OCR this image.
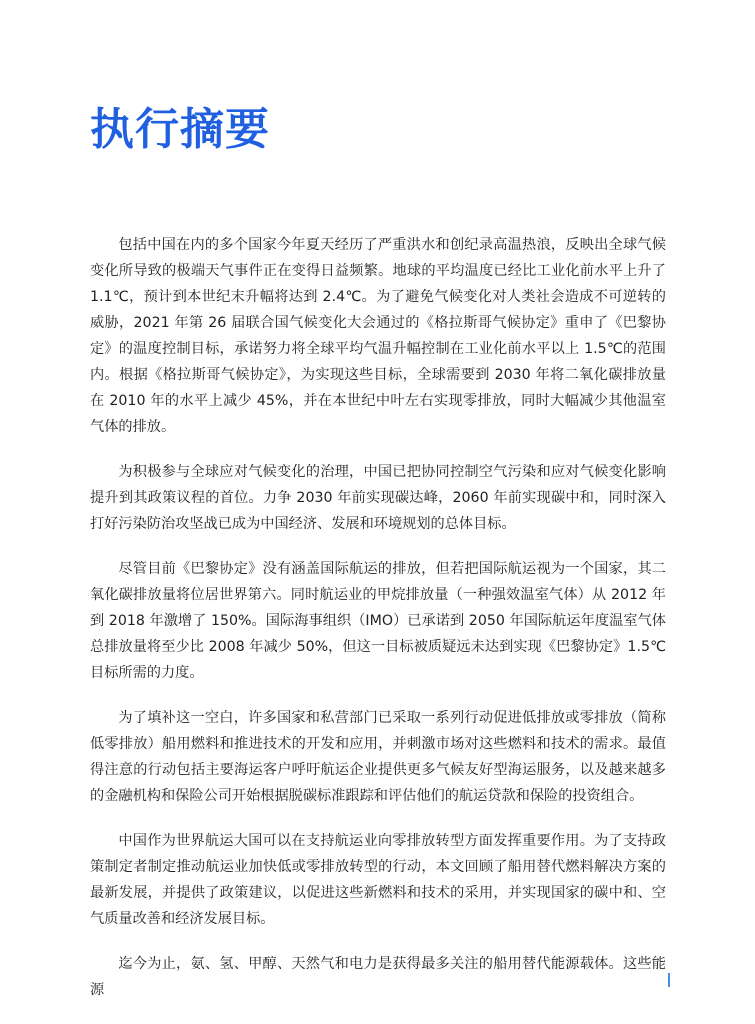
执行摘要

包括中国在内的多个国家今年夏天经历了严重洪水和创纪录高温热浪，反映出全球气候变化所导致的极端天气事件正在变得日益频繁。地球的平均温度已经比工业化前水平上升了 1.1℃，预计到本世纪末升幅将达到 2.4℃。为了避免气候变化对人类社会造成不可逆转的威胁，2021 年第 26 届联合国气候变化大会通过的《格拉斯哥气候协定》重申了《巴黎协定》的温度控制目标，承诺努力将全球平均气温升幅控制在工业化前水平以上 1.5℃的范围内。根据《格拉斯哥气候协定》，为实现这些目标，全球需要到 2030 年将二氧化碳排放量在 2010 年的水平上减少 45%，并在本世纪中叶左右实现零排放，同时大幅减少其他温室气体的排放。

为积极参与全球应对气候变化的治理，中国已把协同控制空气污染和应对气候变化影响提升到其政策议程的首位。力争 2030 年前实现碳达峰，2060 年前实现碳中和，同时深入打好污染防治攻坚战已成为中国经济、发展和环境规划的总体目标。

尽管目前《巴黎协定》没有涵盖国际航运的排放，但若把国际航运视为一个国家，其二氧化碳排放量将位居世界第六。同时航运业的甲烷排放量（一种强效温室气体）从 2012 年到 2018 年激增了 150%。国际海事组织（IMO）已承诺到 2050 年国际航运年度温室气体总排放量将至少比 2008 年减少 50%，但这一目标被质疑远未达到实现《巴黎协定》1.5℃ 目标所需的力度。

为了填补这一空白，许多国家和私营部门已采取一系列行动促进低排放或零排放（简称低零排放）船用燃料和推进技术的开发和应用，并刺激市场对这些燃料和技术的需求。最值得注意的行动包括主要海运客户呼吁航运企业提供更多气候友好型海运服务，以及越来越多的金融机构和保险公司开始根据脱碳标准跟踪和评估他们的航运贷款和保险的投资组合。

中国作为世界航运大国可以在支持航运业向零排放转型方面发挥重要作用。为了支持政策制定者制定推动航运业加快低或零排放转型的行动，本文回顾了船用替代燃料解决方案的最新发展，并提供了政策建议，以促进这些新燃料和技术的采用，并实现国家的碳中和、空气质量改善和经济发展目标。

迄今为止，氨、氢、甲醇、天然气和电力是获得最多关注的船用替代能源载体。这些能源
